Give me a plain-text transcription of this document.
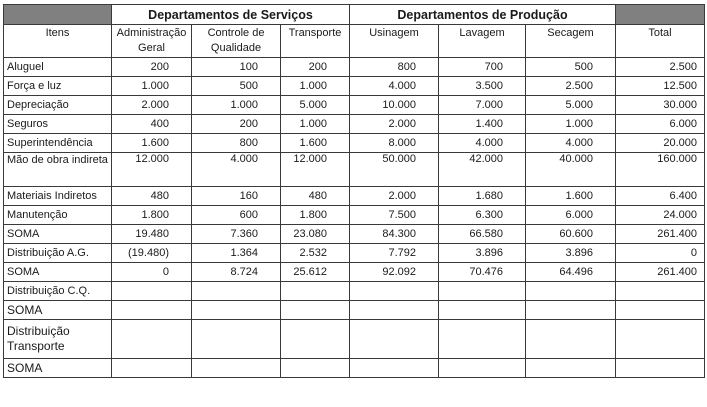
	Departamentos de Serviços			Departamentos de Produção			
Itens	Administração Geral	Controle de Qualidade	Transporte	Usinagem	Lavagem	Secagem	Total
Aluguel	200	100	200	800	700	500	2.500
Força e luz	1.000	500	1.000	4.000	3.500	2.500	12.500
Depreciação	2.000	1.000	5.000	10.000	7.000	5.000	30.000
Seguros	400	200	1.000	2.000	1.400	1.000	6.000
Superintendência	1.600	800	1.600	8.000	4.000	4.000	20.000
Mão de obra indireta	12.000	4.000	12.000	50.000	42.000	40.000	160.000
Materiais Indiretos	480	160	480	2.000	1.680	1.600	6.400
Manutenção	1.800	600	1.800	7.500	6.300	6.000	24.000
SOMA	19.480	7.360	23.080	84.300	66.580	60.600	261.400
Distribuição A.G.	(19.480)	1.364	2.532	7.792	3.896	3.896	0
SOMA	0	8.724	25.612	92.092	70.476	64.496	261.400
Distribuição C.Q.							
SOMA							
Distribuição Transporte							
SOMA							
